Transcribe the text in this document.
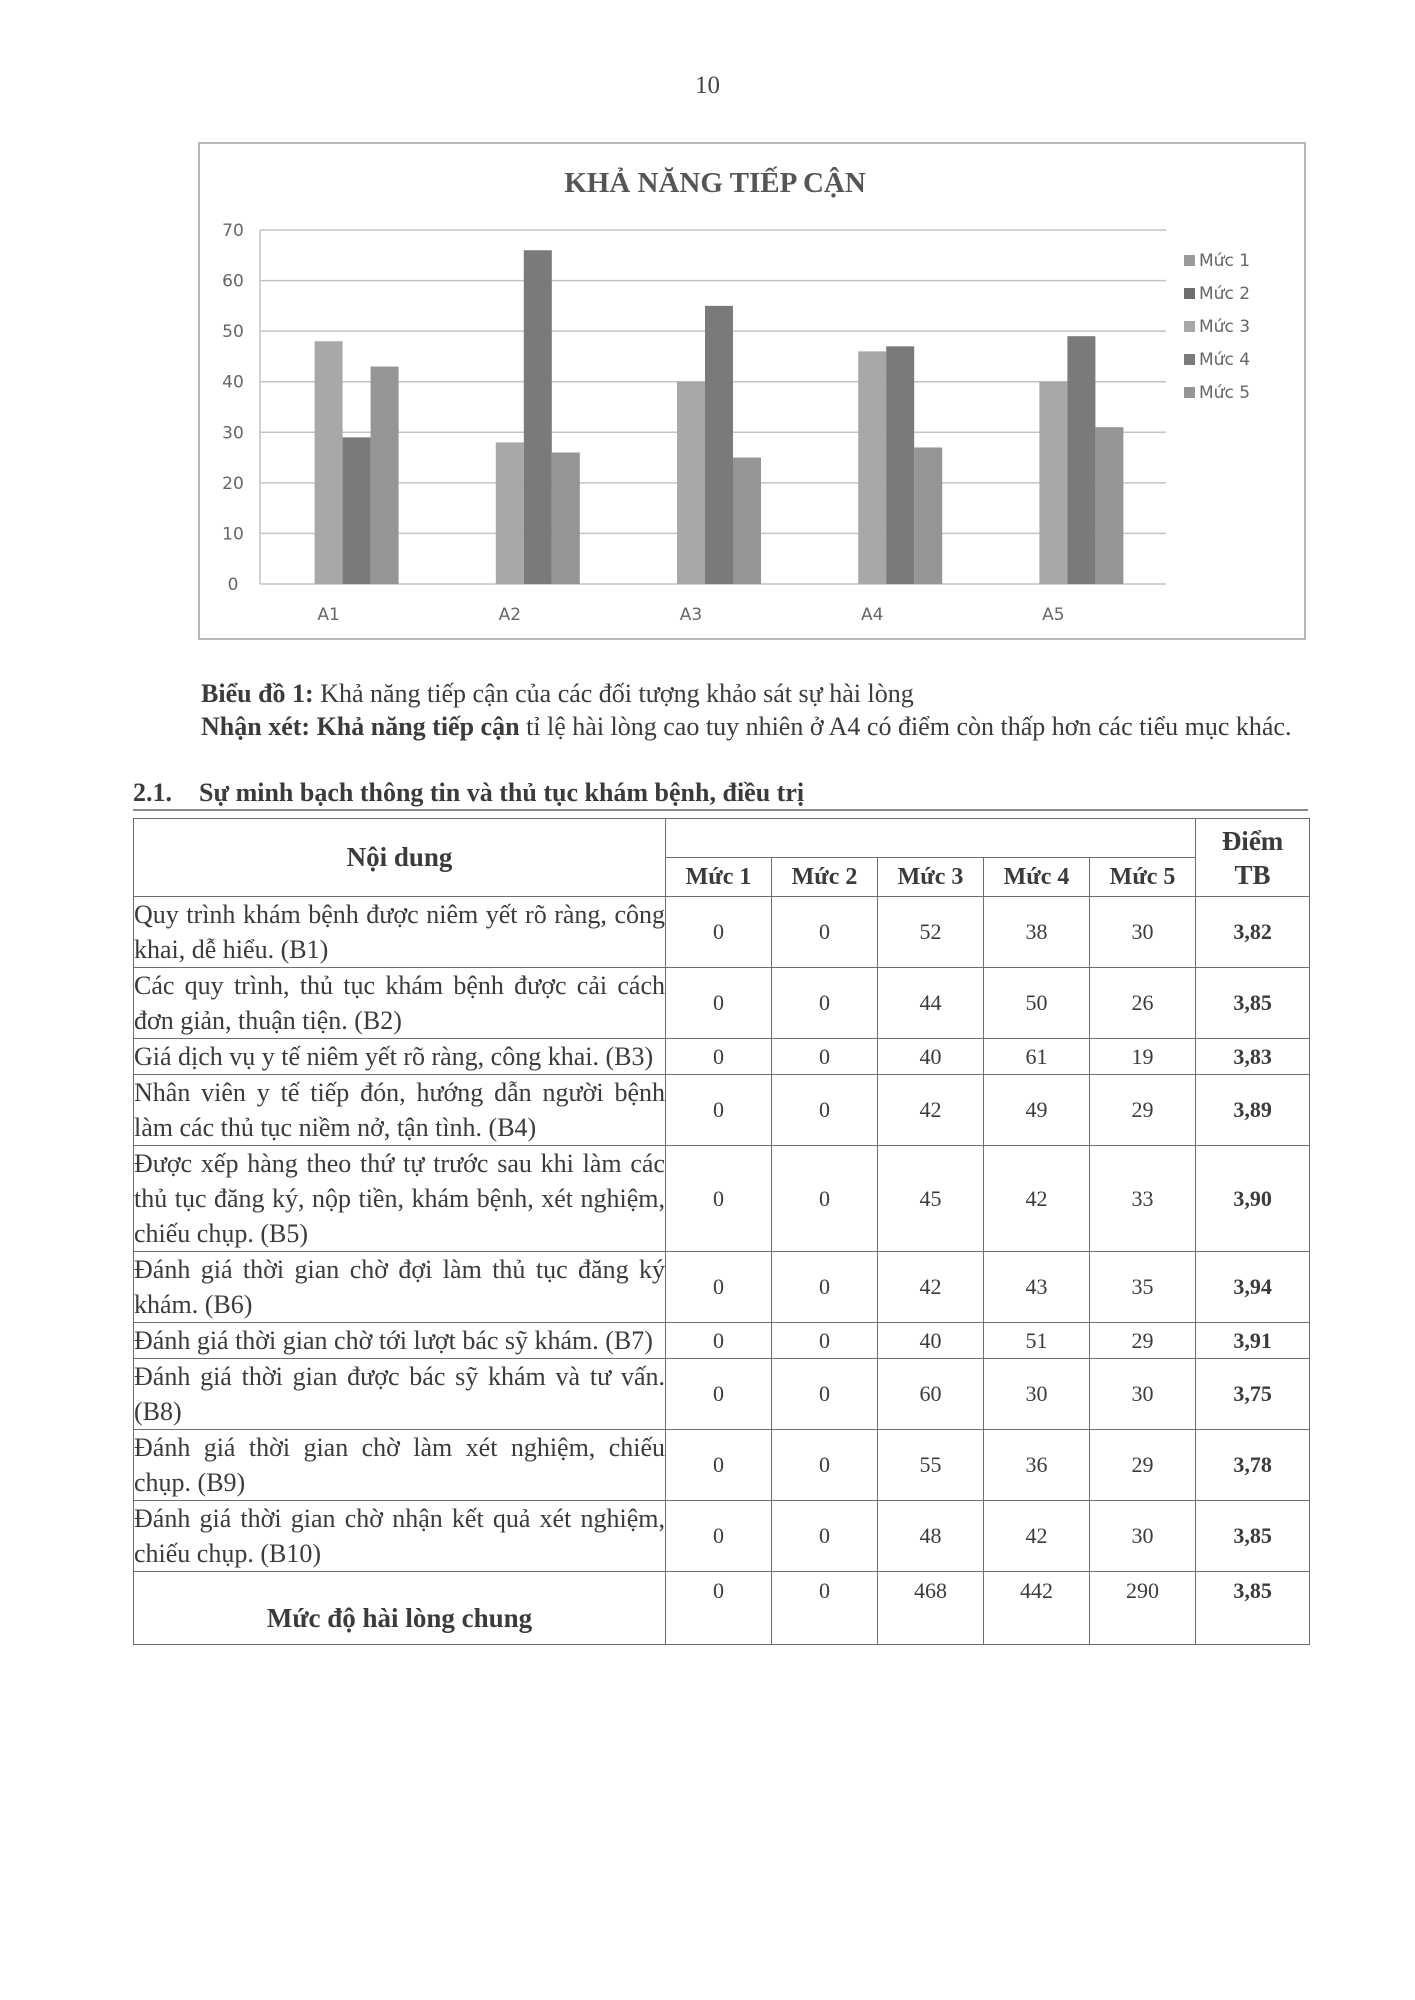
10
KHẢ NĂNG TIẾP CẬN
0
10
20
30
40
50
60
70
A1	A2	A3	A4	A5
Mức 1
Mức 2
Mức 3
Mức 4
Mức 5
Biểu đồ 1: Khả năng tiếp cận của các đối tượng khảo sát sự hài lòng
Nhận xét: Khả năng tiếp cận tỉ lệ hài lòng cao tuy nhiên ở A4 có điểm còn thấp hơn các tiểu mục khác.
2.1. Sự minh bạch thông tin và thủ tục khám bệnh, điều trị
Nội dung						Điểm
TB
	Mức 1	Mức 2	Mức 3	Mức 4	Mức 5	
Quy trình khám bệnh được niêm yết rõ ràng, công khai, dễ hiểu. (B1)	0	0	52	38	30	3,82
Các quy trình, thủ tục khám bệnh được cải cách đơn giản, thuận tiện. (B2)	0	0	44	50	26	3,85
Giá dịch vụ y tế niêm yết rõ ràng, công khai. (B3)	0	0	40	61	19	3,83
Nhân viên y tế tiếp đón, hướng dẫn người bệnh làm các thủ tục niềm nở, tận tình. (B4)	0	0	42	49	29	3,89
Được xếp hàng theo thứ tự trước sau khi làm các thủ tục đăng ký, nộp tiền, khám bệnh, xét nghiệm, chiếu chụp. (B5)	0	0	45	42	33	3,90
Đánh giá thời gian chờ đợi làm thủ tục đăng ký khám. (B6)	0	0	42	43	35	3,94
Đánh giá thời gian chờ tới lượt bác sỹ khám. (B7)	0	0	40	51	29	3,91
Đánh giá thời gian được bác sỹ khám và tư vấn. (B8)	0	0	60	30	30	3,75
Đánh giá thời gian chờ làm xét nghiệm, chiếu chụp. (B9)	0	0	55	36	29	3,78
Đánh giá thời gian chờ nhận kết quả xét nghiệm, chiếu chụp. (B10)	0	0	48	42	30	3,85
Mức độ hài lòng chung	0	0	468	442	290	3,85
